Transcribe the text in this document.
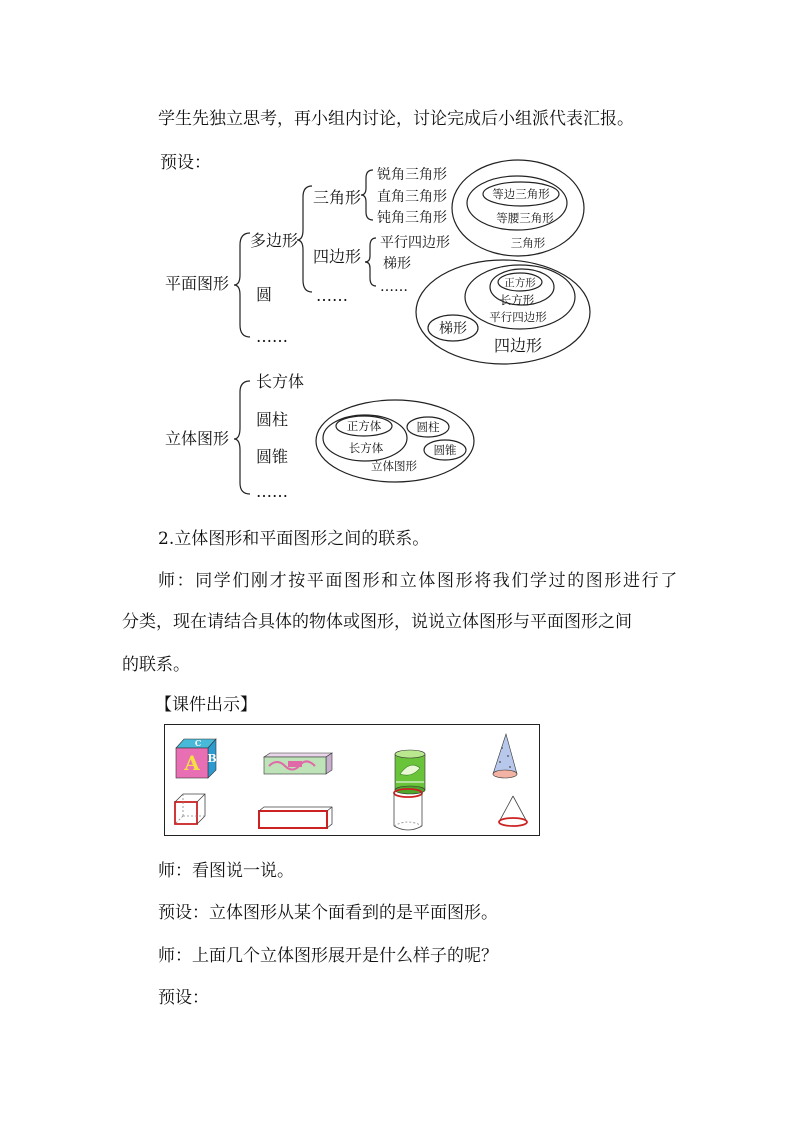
学生先独立思考，再小组内讨论，讨论完成后小组派代表汇报。
预设：
平面图形
多边形
圆
……
三角形
四边形
……
锐角三角形
直角三角形
钝角三角形
平行四边形
梯形
……
等边三角形
等腰三角形
三角形
正方形
长方形
平行四边形
梯形
四边形
立体图形
长方体
圆柱
圆锥
……
正方体
长方体
圆柱
圆锥
立体图形
2.立体图形和平面图形之间的联系。
师：同学们刚才按平面图形和立体图形将我们学过的图形进行了
分类，现在请结合具体的物体或图形，说说立体图形与平面图形之间
的联系。
【课件出示】
A B
C
师：看图说一说。
预设：立体图形从某个面看到的是平面图形。
师：上面几个立体图形展开是什么样子的呢？
预设：
